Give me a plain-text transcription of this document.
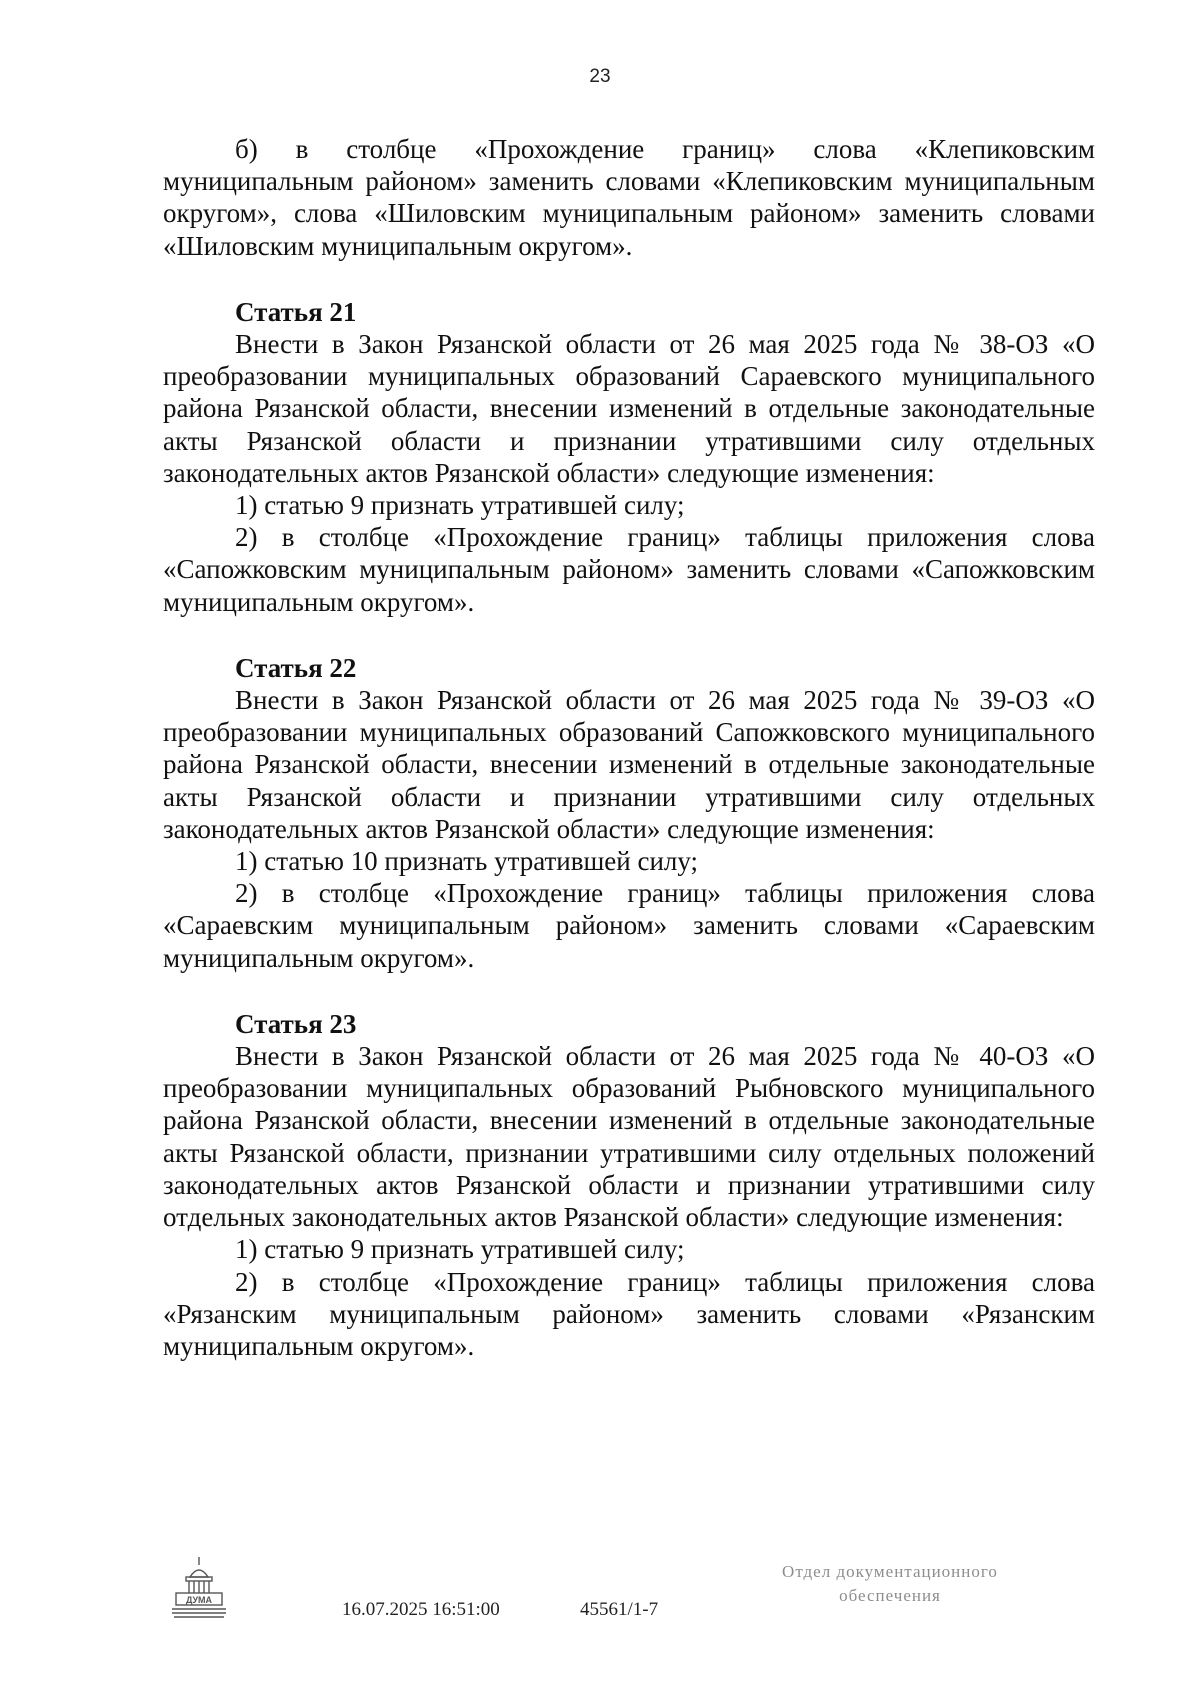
23

б) в столбце «Прохождение границ» слова «Клепиковским муниципальным районом» заменить словами «Клепиковским муниципальным округом», слова «Шиловским муниципальным районом» заменить словами «Шиловским муниципальным округом».

Статья 21

Внести в Закон Рязанской области от 26 мая 2025 года № 38-ОЗ «О преобразовании муниципальных образований Сараевского муниципального района Рязанской области, внесении изменений в отдельные законодательные акты Рязанской области и признании утратившими силу отдельных законодательных актов Рязанской области» следующие изменения:

1) статью 9 признать утратившей силу;

2) в столбце «Прохождение границ» таблицы приложения слова «Сапожковским муниципальным районом» заменить словами «Сапожковским муниципальным округом».

Статья 22

Внести в Закон Рязанской области от 26 мая 2025 года № 39-ОЗ «О преобразовании муниципальных образований Сапожковского муниципального района Рязанской области, внесении изменений в отдельные законодательные акты Рязанской области и признании утратившими силу отдельных законодательных актов Рязанской области» следующие изменения:

1) статью 10 признать утратившей силу;

2) в столбце «Прохождение границ» таблицы приложения слова «Сараевским муниципальным районом» заменить словами «Сараевским муниципальным округом».

Статья 23

Внести в Закон Рязанской области от 26 мая 2025 года № 40-ОЗ «О преобразовании муниципальных образований Рыбновского муниципального района Рязанской области, внесении изменений в отдельные законодательные акты Рязанской области, признании утратившими силу отдельных положений законодательных актов Рязанской области и признании утратившими силу отдельных законодательных актов Рязанской области» следующие изменения:

1) статью 9 признать утратившей силу;

2) в столбце «Прохождение границ» таблицы приложения слова «Рязанским муниципальным районом» заменить словами «Рязанским муниципальным округом».

ДУМА	16.07.2025 16:51:00	45561/1-7
Отдел документационного
обеспечения
